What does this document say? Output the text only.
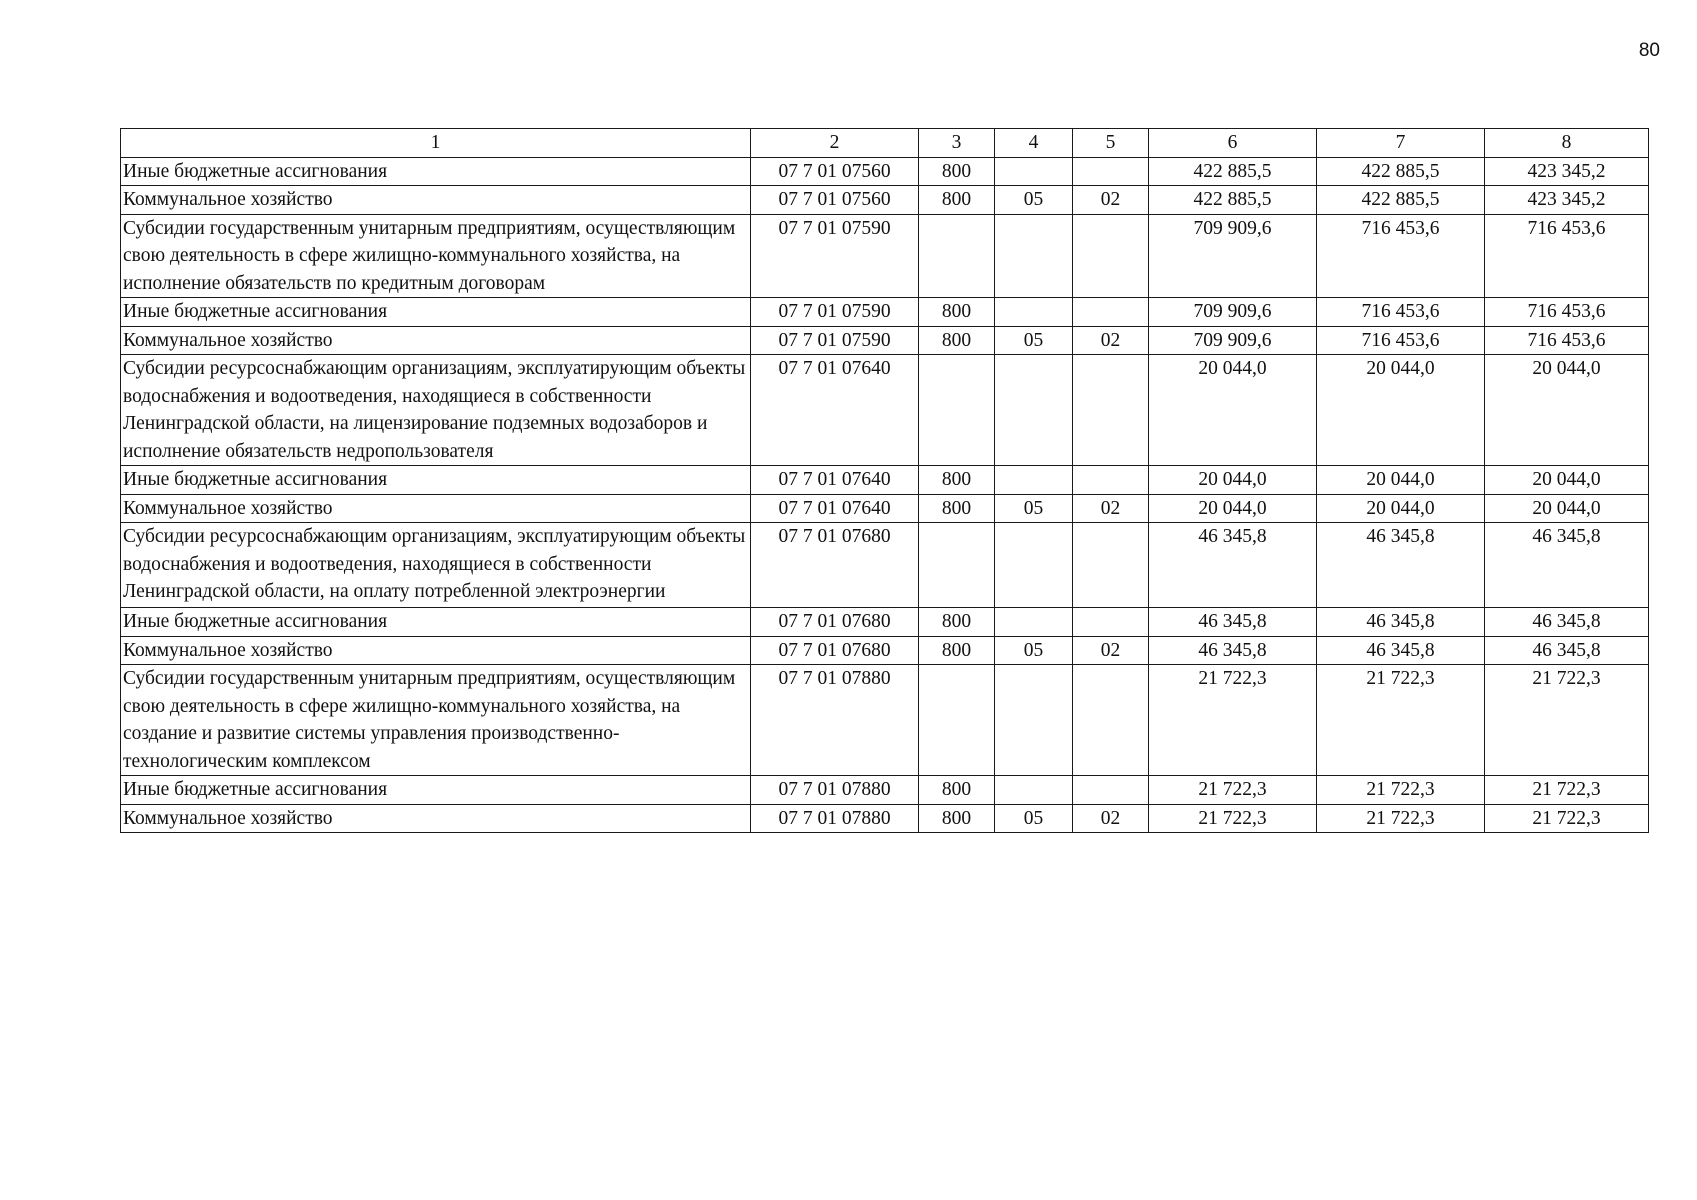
80
1	2	3	4	5	6	7	8
Иные бюджетные ассигнования	07 7 01 07560	800			422 885,5	422 885,5	423 345,2
Коммунальное хозяйство	07 7 01 07560	800	05	02	422 885,5	422 885,5	423 345,2
Субсидии государственным унитарным предприятиям, осуществляющим свою деятельность в сфере жилищно-коммунального хозяйства, на исполнение обязательств по кредитным договорам	07 7 01 07590				709 909,6	716 453,6	716 453,6
Иные бюджетные ассигнования	07 7 01 07590	800			709 909,6	716 453,6	716 453,6
Коммунальное хозяйство	07 7 01 07590	800	05	02	709 909,6	716 453,6	716 453,6
Субсидии ресурсоснабжающим организациям, эксплуатирующим объекты водоснабжения и водоотведения, находящиеся в собственности Ленинградской области, на лицензирование подземных водозаборов и исполнение обязательств недропользователя	07 7 01 07640				20 044,0	20 044,0	20 044,0
Иные бюджетные ассигнования	07 7 01 07640	800			20 044,0	20 044,0	20 044,0
Коммунальное хозяйство	07 7 01 07640	800	05	02	20 044,0	20 044,0	20 044,0
Субсидии ресурсоснабжающим организациям, эксплуатирующим объекты водоснабжения и водоотведения, находящиеся в собственности Ленинградской области, на оплату потребленной электроэнергии	07 7 01 07680				46 345,8	46 345,8	46 345,8
Иные бюджетные ассигнования	07 7 01 07680	800			46 345,8	46 345,8	46 345,8
Коммунальное хозяйство	07 7 01 07680	800	05	02	46 345,8	46 345,8	46 345,8
Субсидии государственным унитарным предприятиям, осуществляющим свою деятельность в сфере жилищно-коммунального хозяйства, на создание и развитие системы управления производственно-технологическим комплексом	07 7 01 07880				21 722,3	21 722,3	21 722,3
Иные бюджетные ассигнования	07 7 01 07880	800			21 722,3	21 722,3	21 722,3
Коммунальное хозяйство	07 7 01 07880	800	05	02	21 722,3	21 722,3	21 722,3
